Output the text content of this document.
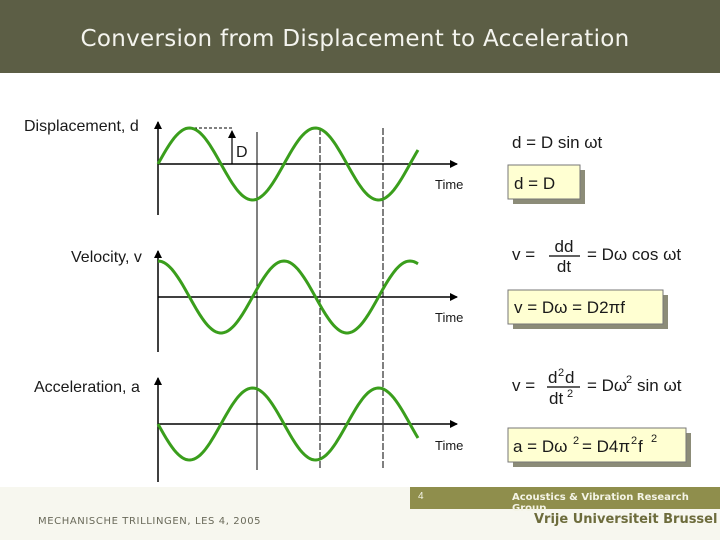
Conversion from Displacement to Acceleration
Displacement, d
D
Time
Velocity, v
Time
Acceleration, a
Time
d = D sin ωt
d = D
v = dd
dt
= Dω cos ωt
v = Dω = D2πf
v = d 2 d
dt 2 = Dω
2 sin ωt
a = Dω 2 = D4π 2 f 2
4	Acoustics & Vibration Research Group
MECHANISCHE TRILLINGEN, LES 4, 2005	Vrije Universiteit Brussel
